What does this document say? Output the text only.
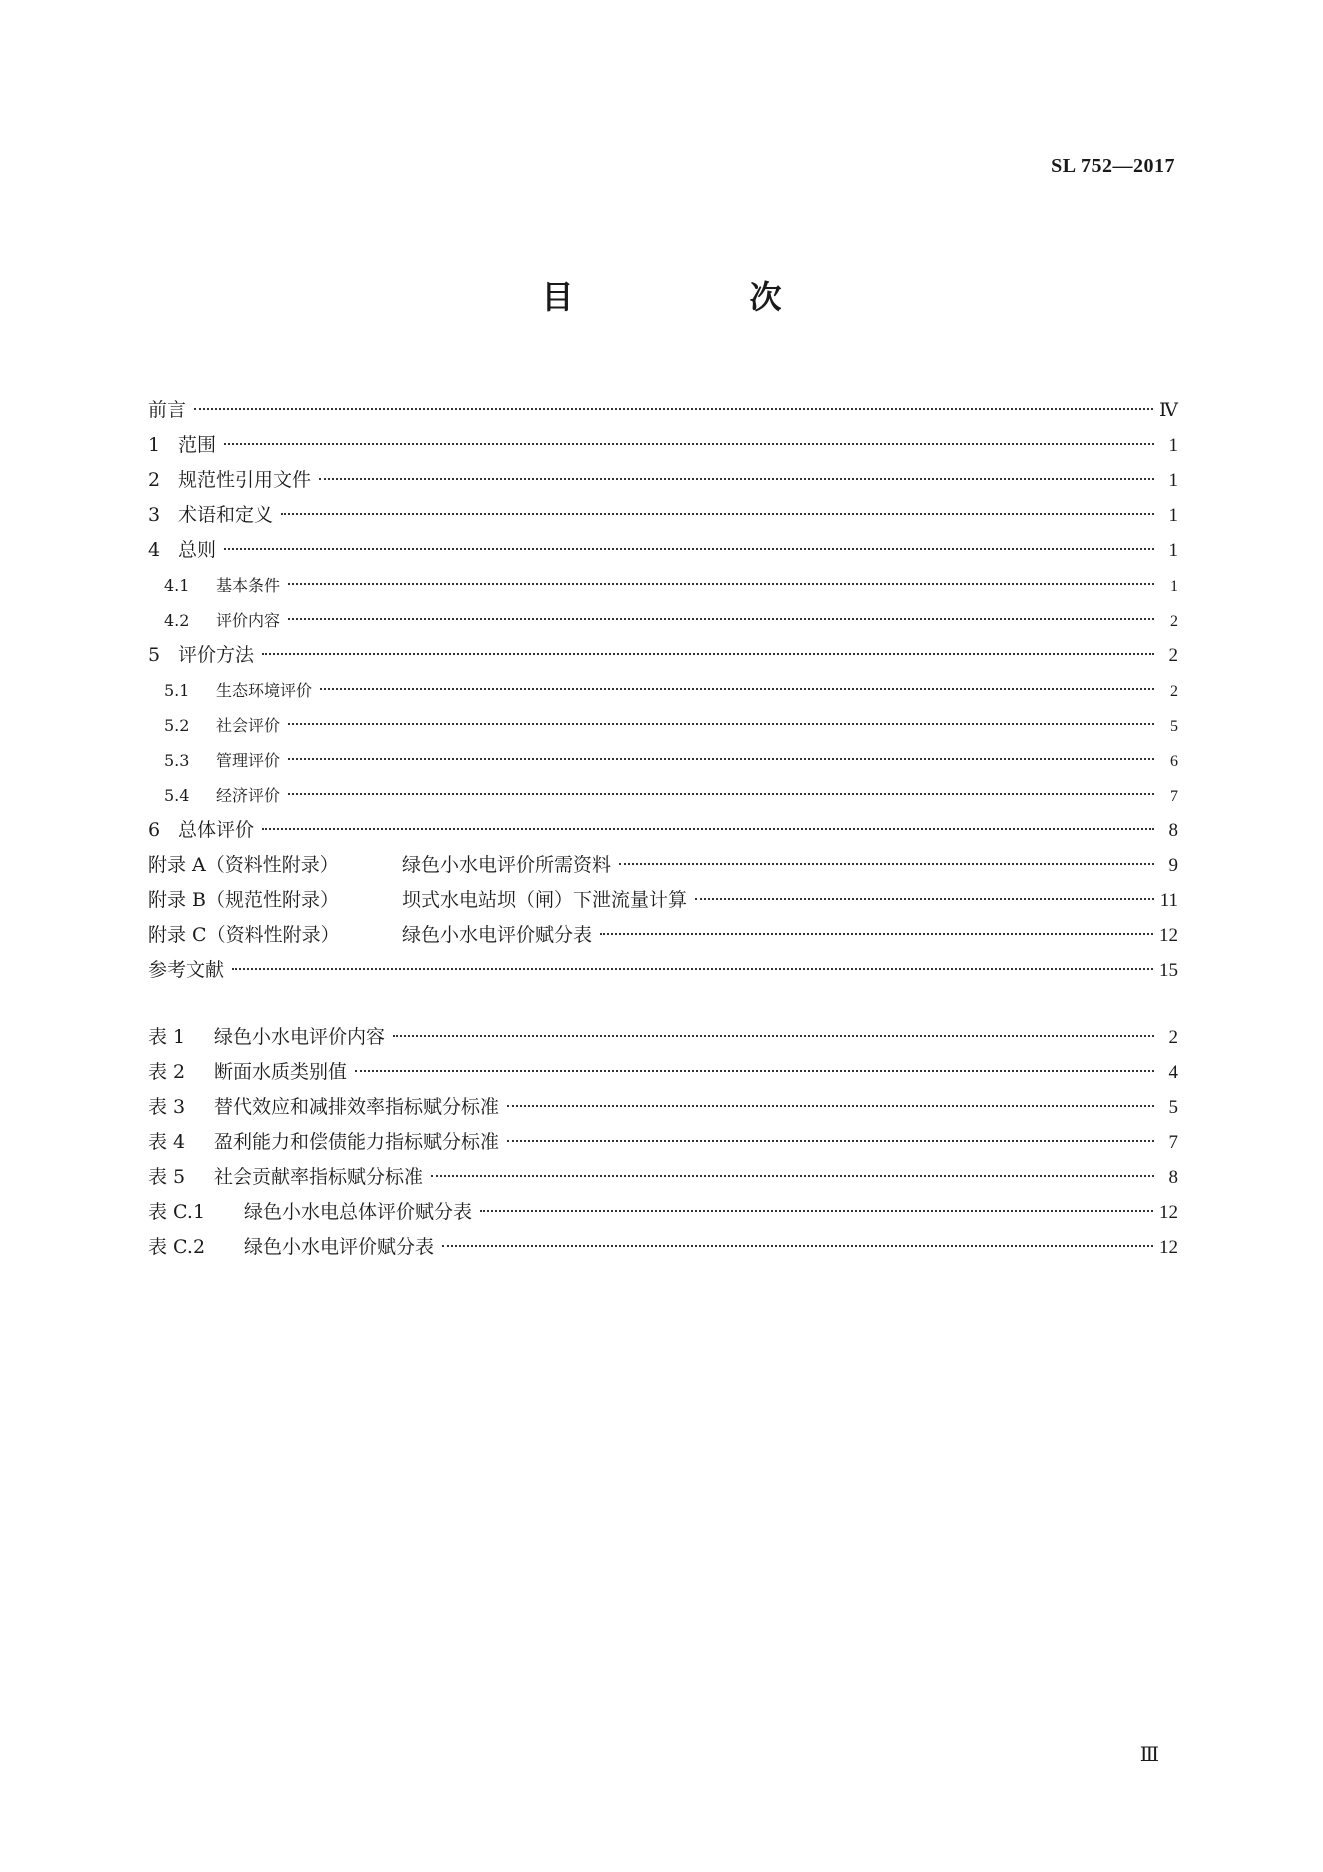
SL 752—2017
目　次
前言	Ⅳ
1 范围	1
2 规范性引用文件	1
3 术语和定义	1
4 总则	1
4.1	基本条件	1
4.2	评价内容	2
5 评价方法	2
5.1	生态环境评价	2
5.2	社会评价	5
5.3	管理评价	6
5.4	经济评价	7
6 总体评价	8
附录 A（资料性附录）	绿色小水电评价所需资料	9
附录 B（规范性附录）	坝式水电站坝（闸）下泄流量计算	11
附录 C（资料性附录）	绿色小水电评价赋分表	12
参考文献	15
表 1	绿色小水电评价内容	2
表 2	断面水质类别值	4
表 3	替代效应和减排效率指标赋分标准	5
表 4	盈利能力和偿债能力指标赋分标准	7
表 5	社会贡献率指标赋分标准	8
表 C.1	绿色小水电总体评价赋分表	12
表 C.2	绿色小水电评价赋分表	12
Ⅲ
